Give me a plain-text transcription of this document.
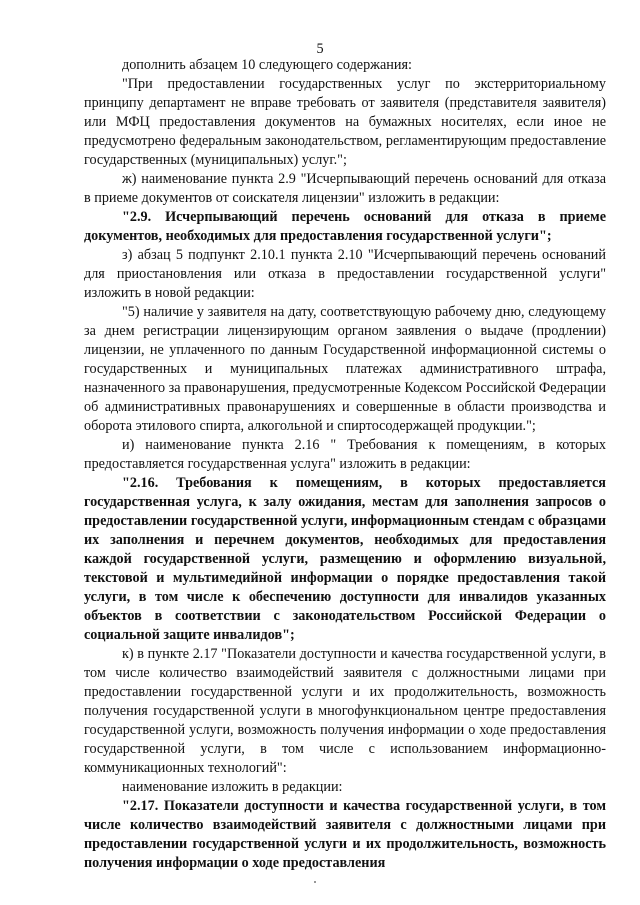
5

дополнить абзацем 10 следующего содержания:

"При предоставлении государственных услуг по экстерриториальному принципу департамент не вправе требовать от заявителя (представителя заявителя) или МФЦ предоставления документов на бумажных носителях, если иное не предусмотрено федеральным законодательством, регламентирующим предоставление государственных (муниципальных) услуг.";

ж) наименование пункта 2.9 "Исчерпывающий перечень оснований для отказа в приеме документов от соискателя лицензии" изложить в редакции:

"2.9. Исчерпывающий перечень оснований для отказа в приеме документов, необходимых для предоставления государственной услуги";

з) абзац 5 подпункт 2.10.1 пункта 2.10 "Исчерпывающий перечень оснований для приостановления или отказа в предоставлении государственной услуги" изложить в новой редакции:

"5) наличие у заявителя на дату, соответствующую рабочему дню, следующему за днем регистрации лицензирующим органом заявления о выдаче (продлении) лицензии, не уплаченного по данным Государственной информационной системы о государственных и муниципальных платежах административного штрафа, назначенного за правонарушения, предусмотренные Кодексом Российской Федерации об административных правонарушениях и совершенные в области производства и оборота этилового спирта, алкогольной и спиртосодержащей продукции.";

и) наименование пункта 2.16 " Требования к помещениям, в которых предоставляется государственная услуга" изложить в редакции:

"2.16. Требования к помещениям, в которых предоставляется государственная услуга, к залу ожидания, местам для заполнения запросов о предоставлении государственной услуги, информационным стендам с образцами их заполнения и перечнем документов, необходимых для предоставления каждой государственной услуги, размещению и оформлению визуальной, текстовой и мультимедийной информации о порядке предоставления такой услуги, в том числе к обеспечению доступности для инвалидов указанных объектов в соответствии с законодательством Российской Федерации о социальной защите инвалидов";

к) в пункте 2.17 "Показатели доступности и качества государственной услуги, в том числе количество взаимодействий заявителя с должностными лицами при предоставлении государственной услуги и их продолжительность, возможность получения государственной услуги в многофункциональном центре предоставления государственной услуги, возможность получения информации о ходе предоставления государственной услуги, в том числе с использованием информационно-коммуникационных технологий":

наименование изложить в редакции:

"2.17. Показатели доступности и качества государственной услуги, в том числе количество взаимодействий заявителя с должностными лицами при предоставлении государственной услуги и их продолжительность, возможность получения информации о ходе предоставления
